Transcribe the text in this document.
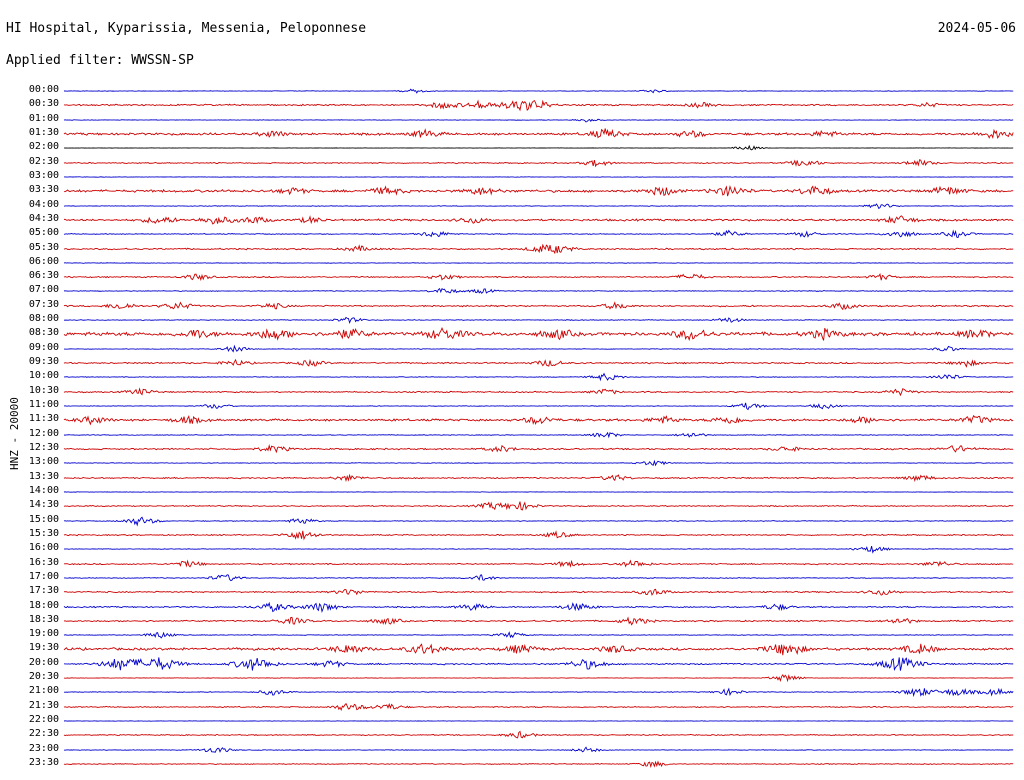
HI Hospital, Kyparissia, Messenia, Peloponnese	2024-05-06
Applied filter: WWSSN-SP
HNZ - 20000
00:00
00:30
01:00
01:30
02:00
02:30
03:00
03:30
04:00
04:30
05:00
05:30
06:00
06:30
07:00
07:30
08:00
08:30
09:00
09:30
10:00
10:30
11:00
11:30
12:00
12:30
13:00
13:30
14:00
14:30
15:00
15:30
16:00
16:30
17:00
17:30
18:00
18:30
19:00
19:30
20:00
20:30
21:00
21:30
22:00
22:30
23:00
23:30
